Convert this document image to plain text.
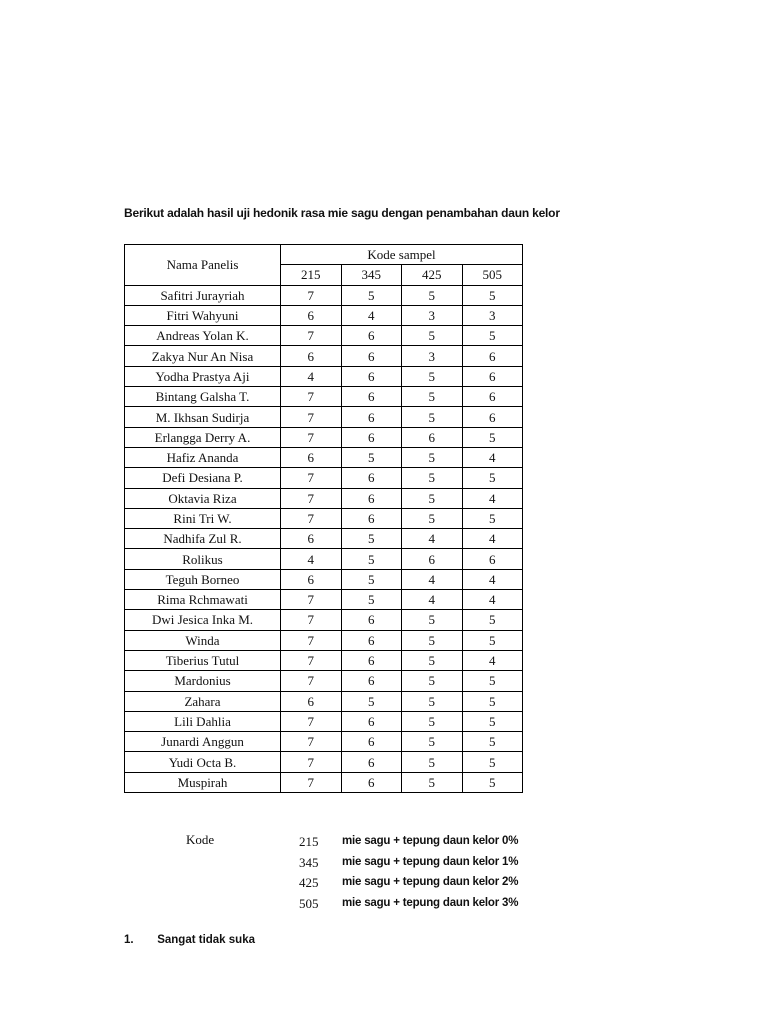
Berikut adalah hasil uji hedonik rasa mie sagu dengan penambahan daun kelor
Nama Panelis	Kode sampel			
	215	345	425	505
Safitri Jurayriah	7	5	5	5
Fitri Wahyuni	6	4	3	3
Andreas Yolan K.	7	6	5	5
Zakya Nur An Nisa	6	6	3	6
Yodha Prastya Aji	4	6	5	6
Bintang Galsha T.	7	6	5	6
M. Ikhsan Sudirja	7	6	5	6
Erlangga Derry A.	7	6	6	5
Hafiz Ananda	6	5	5	4
Defi Desiana P.	7	6	5	5
Oktavia Riza	7	6	5	4
Rini Tri W.	7	6	5	5
Nadhifa Zul R.	6	5	4	4
Rolikus	4	5	6	6
Teguh Borneo	6	5	4	4
Rima Rchmawati	7	5	4	4
Dwi Jesica Inka M.	7	6	5	5
Winda	7	6	5	5
Tiberius Tutul	7	6	5	4
Mardonius	7	6	5	5
Zahara	6	5	5	5
Lili Dahlia	7	6	5	5
Junardi Anggun	7	6	5	5
Yudi Octa B.	7	6	5	5
Muspirah	7	6	5	5
Kode	215	mie sagu + tepung daun kelor 0%
345	mie sagu + tepung daun kelor 1%
425	mie sagu + tepung daun kelor 2%
505	mie sagu + tepung daun kelor 3%
1. Sangat tidak suka
